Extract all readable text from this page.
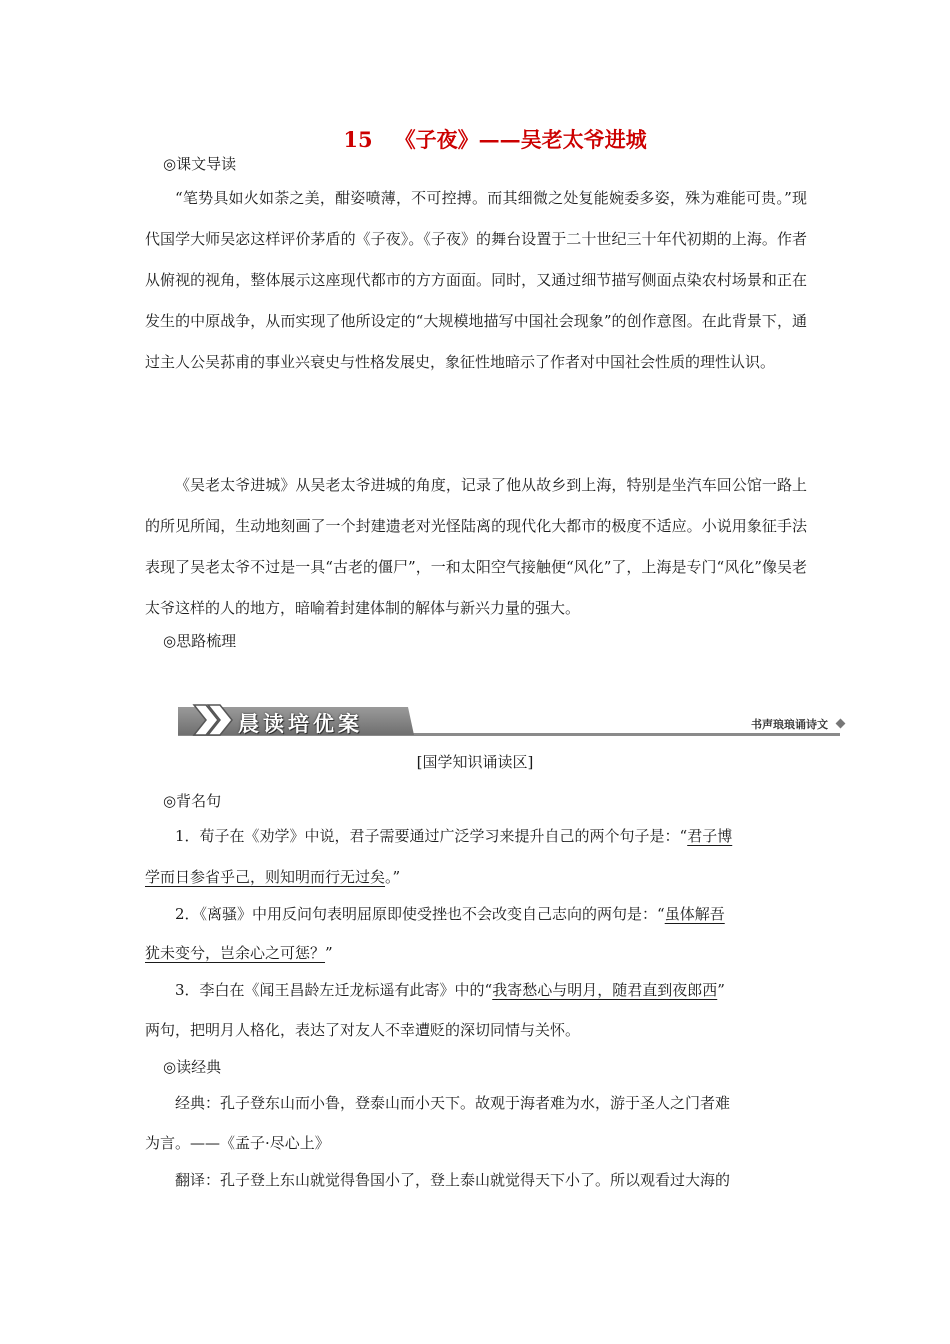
15 《子夜》——吴老太爷进城
◎课文导读

“笔势具如火如荼之美，酣姿喷薄，不可控搏。而其细微之处复能婉委多姿，殊为难能可贵。”现代国学大师吴宓这样评价茅盾的《子夜》。《子夜》的舞台设置于二十世纪三十年代初期的上海。作者从俯视的视角，整体展示这座现代都市的方方面面。同时，又通过细节描写侧面点染农村场景和正在发生的中原战争，从而实现了他所设定的“大规模地描写中国社会现象”的创作意图。在此背景下，通过主人公吴荪甫的事业兴衰史与性格发展史，象征性地暗示了作者对中国社会性质的理性认识。

《吴老太爷进城》从吴老太爷进城的角度，记录了他从故乡到上海，特别是坐汽车回公馆一路上的所见所闻，生动地刻画了一个封建遗老对光怪陆离的现代化大都市的极度不适应。小说用象征手法表现了吴老太爷不过是一具“古老的僵尸”，一和太阳空气接触便“风化”了，上海是专门“风化”像吴老太爷这样的人的地方，暗喻着封建体制的解体与新兴力量的强大。

◎思路梳理
晨读培优案	书声琅琅诵诗文
[国学知识诵读区]
◎背名句
1．荀子在《劝学》中说，君子需要通过广泛学习来提升自己的两个句子是：“君子博
学而日参省乎己，则知明而行无过矣。”
2．《离骚》中用反问句表明屈原即使受挫也不会改变自己志向的两句是：“虽体解吾
犹未变兮，岂余心之可惩？”
3．李白在《闻王昌龄左迁龙标遥有此寄》中的“我寄愁心与明月，随君直到夜郎西”
两句，把明月人格化，表达了对友人不幸遭贬的深切同情与关怀。
◎读经典
经典：孔子登东山而小鲁，登泰山而小天下。故观于海者难为水，游于圣人之门者难
为言。——《孟子·尽心上》
翻译：孔子登上东山就觉得鲁国小了，登上泰山就觉得天下小了。所以观看过大海的
